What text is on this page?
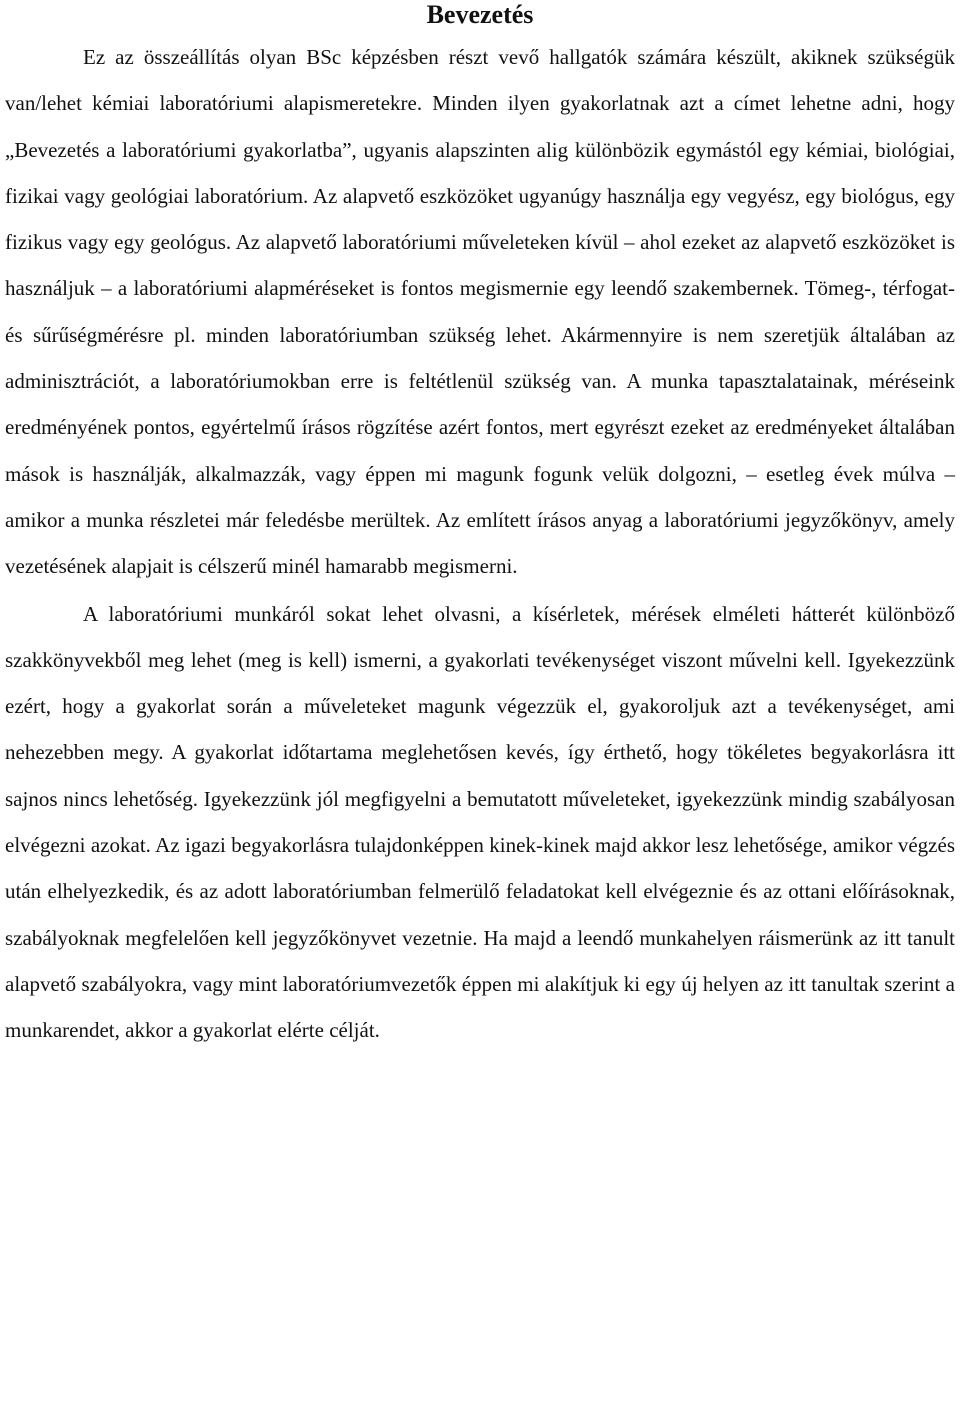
Bevezetés

Ez az összeállítás olyan BSc képzésben részt vevő hallgatók számára készült, akiknek szükségük van/lehet kémiai laboratóriumi alapismeretekre. Minden ilyen gyakorlatnak azt a címet lehetne adni, hogy „Bevezetés a laboratóriumi gyakorlatba”, ugyanis alapszinten alig különbözik egymástól egy kémiai, biológiai, fizikai vagy geológiai laboratórium. Az alapvető eszközöket ugyanúgy használja egy vegyész, egy biológus, egy fizikus vagy egy geológus. Az alapvető laboratóriumi műveleteken kívül – ahol ezeket az alapvető eszközöket is használjuk – a laboratóriumi alapméréseket is fontos megismernie egy leendő szakembernek. Tömeg-, térfogat- és sűrűségmérésre pl. minden laboratóriumban szükség lehet. Akármennyire is nem szeretjük általában az adminisztrációt, a laboratóriumokban erre is feltétlenül szükség van. A munka tapasztalatainak, méréseink eredményének pontos, egyértelmű írásos rögzítése azért fontos, mert egyrészt ezeket az eredményeket általában mások is használják, alkalmazzák, vagy éppen mi magunk fogunk velük dolgozni, – esetleg évek múlva – amikor a munka részletei már feledésbe merültek. Az említett írásos anyag a laboratóriumi jegyzőkönyv, amely vezetésének alapjait is célszerű minél hamarabb megismerni.

A laboratóriumi munkáról sokat lehet olvasni, a kísérletek, mérések elméleti hátterét különböző szakkönyvekből meg lehet (meg is kell) ismerni, a gyakorlati tevékenységet viszont művelni kell. Igyekezzünk ezért, hogy a gyakorlat során a műveleteket magunk végezzük el, gyakoroljuk azt a tevékenységet, ami nehezebben megy. A gyakorlat időtartama meglehetősen kevés, így érthető, hogy tökéletes begyakorlásra itt sajnos nincs lehetőség. Igyekezzünk jól megfigyelni a bemutatott műveleteket, igyekezzünk mindig szabályosan elvégezni azokat. Az igazi begyakorlásra tulajdonképpen kinek-kinek majd akkor lesz lehetősége, amikor végzés után elhelyezkedik, és az adott laboratóriumban felmerülő feladatokat kell elvégeznie és az ottani előírásoknak, szabályoknak megfelelően kell jegyzőkönyvet vezetnie. Ha majd a leendő munkahelyen ráismerünk az itt tanult alapvető szabályokra, vagy mint laboratóriumvezetők éppen mi alakítjuk ki egy új helyen az itt tanultak szerint a munkarendet, akkor a gyakorlat elérte célját.
